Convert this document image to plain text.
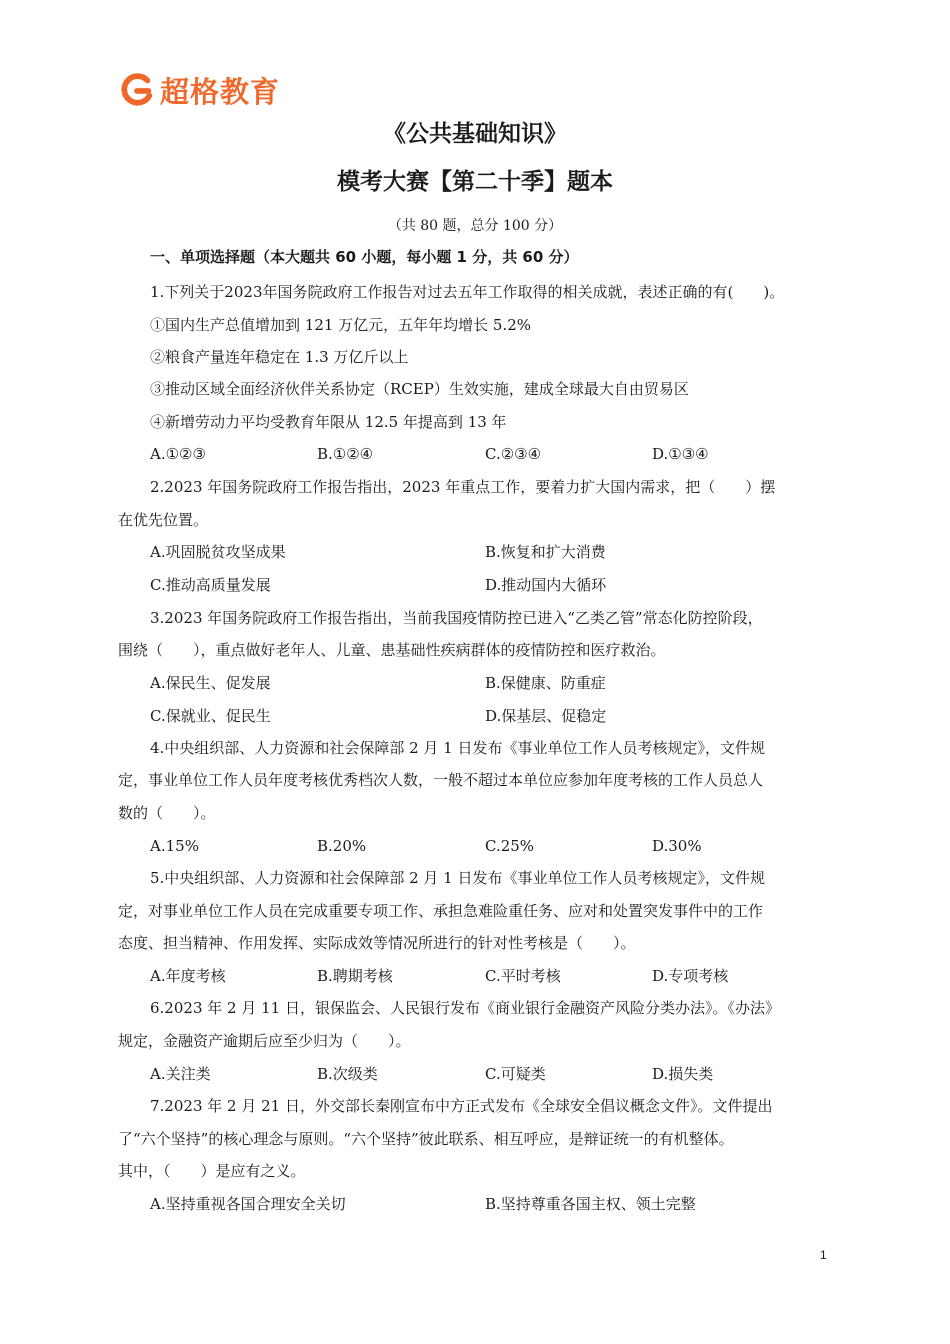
超格教育
《公共基础知识》
模考大赛【第二十季】题本
（共 80 题，总分 100 分）
一、单项选择题（本大题共 60 小题，每小题 1 分，共 60 分）
1.下列关于2023年国务院政府工作报告对过去五年工作取得的相关成就，表述正确的有(　　)。
①国内生产总值增加到 121 万亿元，五年年均增长 5.2%
②粮食产量连年稳定在 1.3 万亿斤以上
③推动区域全面经济伙伴关系协定（RCEP）生效实施，建成全球最大自由贸易区
④新增劳动力平均受教育年限从 12.5 年提高到 13 年
A.①②③	B.①②④	C.②③④	D.①③④
2.2023 年国务院政府工作报告指出，2023 年重点工作，要着力扩大国内需求，把（　　）摆
在优先位置。
A.巩固脱贫攻坚成果	B.恢复和扩大消费
C.推动高质量发展	D.推动国内大循环
3.2023 年国务院政府工作报告指出，当前我国疫情防控已进入“乙类乙管”常态化防控阶段，
围绕（　　），重点做好老年人、儿童、患基础性疾病群体的疫情防控和医疗救治。
A.保民生、促发展	B.保健康、防重症
C.保就业、促民生	D.保基层、促稳定
4.中央组织部、人力资源和社会保障部 2 月 1 日发布《事业单位工作人员考核规定》，文件规
定，事业单位工作人员年度考核优秀档次人数，一般不超过本单位应参加年度考核的工作人员总人
数的（　　）。
A.15%	B.20%	C.25%	D.30%
5.中央组织部、人力资源和社会保障部 2 月 1 日发布《事业单位工作人员考核规定》，文件规
定，对事业单位工作人员在完成重要专项工作、承担急难险重任务、应对和处置突发事件中的工作
态度、担当精神、作用发挥、实际成效等情况所进行的针对性考核是（　　）。
A.年度考核	B.聘期考核	C.平时考核	D.专项考核
6.2023 年 2 月 11 日，银保监会、人民银行发布《商业银行金融资产风险分类办法》。《办法》
规定，金融资产逾期后应至少归为（　　）。
A.关注类	B.次级类	C.可疑类	D.损失类
7.2023 年 2 月 21 日，外交部长秦刚宣布中方正式发布《全球安全倡议概念文件》。文件提出
了“六个坚持”的核心理念与原则。“六个坚持”彼此联系、相互呼应，是辩证统一的有机整体。
其中，（　　）是应有之义。
A.坚持重视各国合理安全关切	B.坚持尊重各国主权、领土完整
1
